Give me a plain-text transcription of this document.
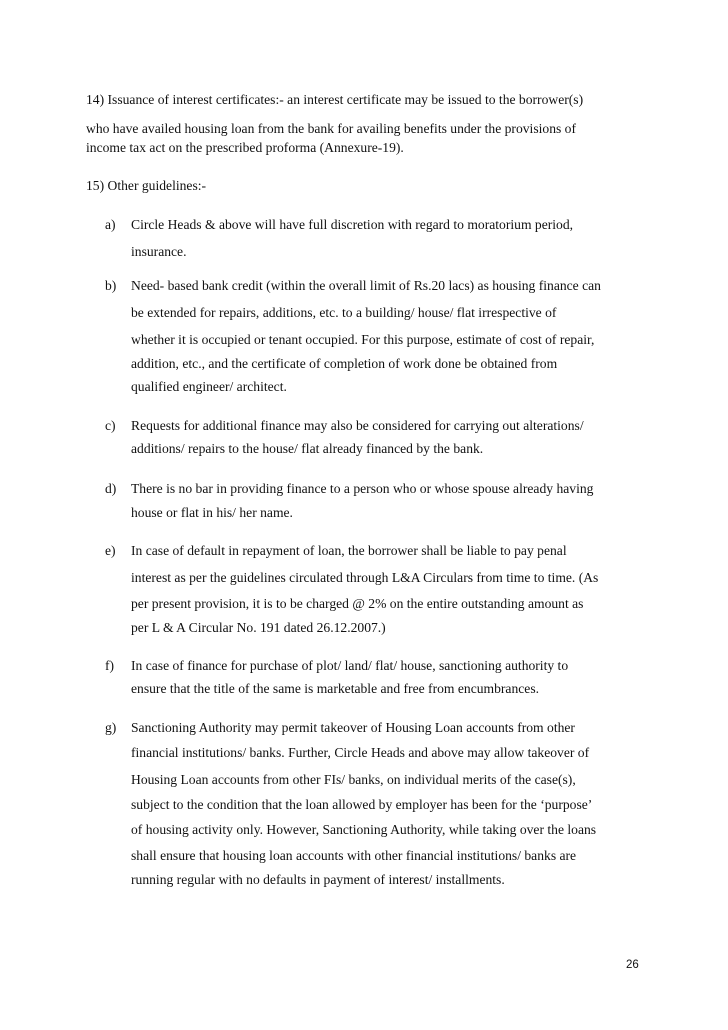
14) Issuance of interest certificates:- an interest certificate may be issued to the borrower(s)
who have availed housing loan from the bank for availing benefits under the provisions of
income tax act on the prescribed proforma (Annexure-19).
15) Other guidelines:-
a) Circle Heads & above will have full discretion with regard to moratorium period,
insurance.
b) Need- based bank credit (within the overall limit of Rs.20 lacs) as housing finance can
be extended for repairs, additions, etc. to a building/ house/ flat irrespective of
whether it is occupied or tenant occupied. For this purpose, estimate of cost of repair,
addition, etc., and the certificate of completion of work done be obtained from
qualified engineer/ architect.
c) Requests for additional finance may also be considered for carrying out alterations/
additions/ repairs to the house/ flat already financed by the bank.
d) There is no bar in providing finance to a person who or whose spouse already having
house or flat in his/ her name.
e) In case of default in repayment of loan, the borrower shall be liable to pay penal
interest as per the guidelines circulated through L&A Circulars from time to time. (As
per present provision, it is to be charged @ 2% on the entire outstanding amount as
per L & A Circular No. 191 dated 26.12.2007.)
f) In case of finance for purchase of plot/ land/ flat/ house, sanctioning authority to
ensure that the title of the same is marketable and free from encumbrances.
g) Sanctioning Authority may permit takeover of Housing Loan accounts from other
financial institutions/ banks. Further, Circle Heads and above may allow takeover of
Housing Loan accounts from other FIs/ banks, on individual merits of the case(s),
subject to the condition that the loan allowed by employer has been for the ‘purpose’
of housing activity only. However, Sanctioning Authority, while taking over the loans
shall ensure that housing loan accounts with other financial institutions/ banks are
running regular with no defaults in payment of interest/ installments.
26
